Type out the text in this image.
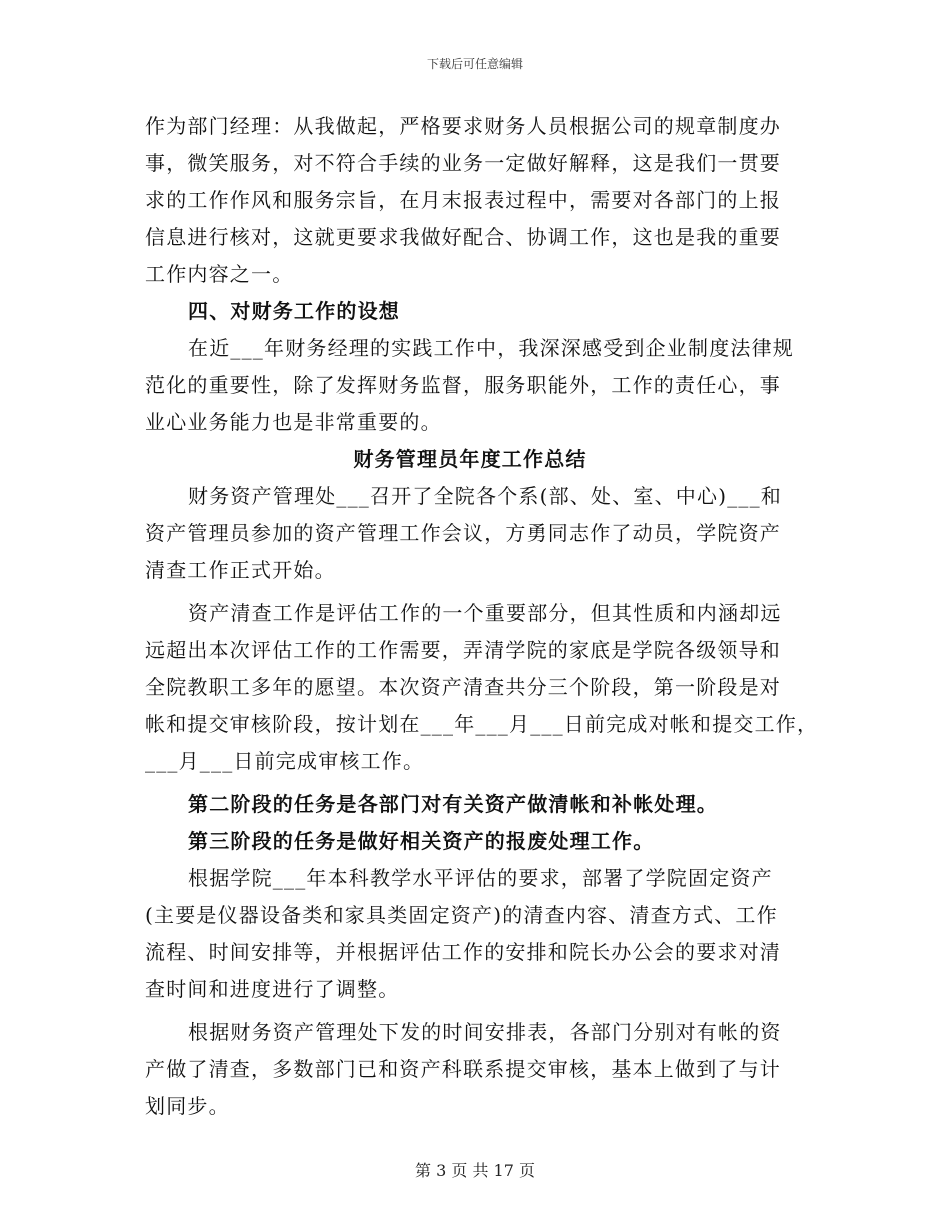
下载后可任意编辑
作为部门经理：从我做起，严格要求财务人员根据公司的规章制度办
事，微笑服务，对不符合手续的业务一定做好解释，这是我们一贯要
求的工作作风和服务宗旨，在月末报表过程中，需要对各部门的上报
信息进行核对，这就更要求我做好配合、协调工作，这也是我的重要
工作内容之一。
四、对财务工作的设想
在近___年财务经理的实践工作中，我深深感受到企业制度法律规
范化的重要性，除了发挥财务监督，服务职能外，工作的责任心，事
业心业务能力也是非常重要的。
财务管理员年度工作总结
财务资产管理处___召开了全院各个系(部、处、室、中心)___和
资产管理员参加的资产管理工作会议，方勇同志作了动员，学院资产
清查工作正式开始。
资产清查工作是评估工作的一个重要部分，但其性质和内涵却远
远超出本次评估工作的工作需要，弄清学院的家底是学院各级领导和
全院教职工多年的愿望。本次资产清查共分三个阶段，第一阶段是对
帐和提交审核阶段，按计划在___年___月___日前完成对帐和提交工作，
___月___日前完成审核工作。
第二阶段的任务是各部门对有关资产做清帐和补帐处理。
第三阶段的任务是做好相关资产的报废处理工作。
根据学院___年本科教学水平评估的要求，部署了学院固定资产
(主要是仪器设备类和家具类固定资产)的清查内容、清查方式、工作
流程、时间安排等，并根据评估工作的安排和院长办公会的要求对清
查时间和进度进行了调整。
根据财务资产管理处下发的时间安排表，各部门分别对有帐的资
产做了清查，多数部门已和资产科联系提交审核，基本上做到了与计
划同步。
第 3 页 共 17 页
